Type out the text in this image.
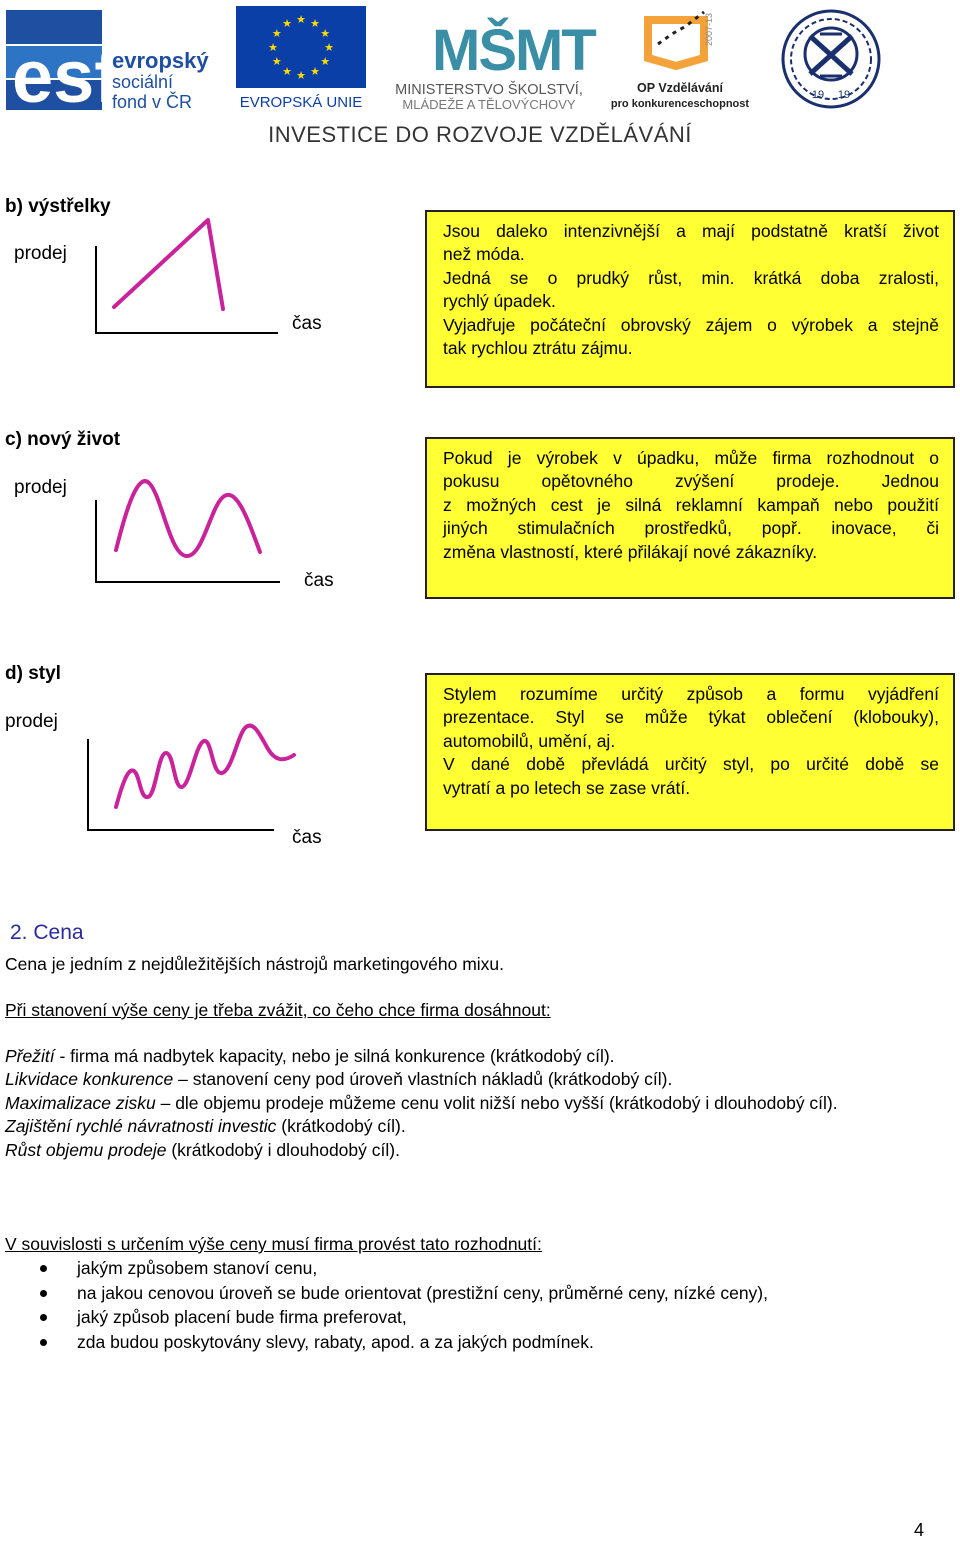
esf
evropský
sociální
fond v ČR
★ ★
★
★
★
★
★
★
★
★
★
★
EVROPSKÁ UNIE
MŠMT
MINISTERSTVO ŠKOLSTVÍ,
MLÁDEŽE A TĚLOVÝCHOVY
2007-13
OP Vzdělávání
pro konkurenceschopnost
19 19
INVESTICE DO ROZVOJE VZDĚLÁVÁNÍ
b) výstřelky
prodej
čas
Jsou daleko intenzivnější a mají podstatně kratší život
než móda.
Jedná se o prudký růst, min. krátká doba zralosti,
rychlý úpadek.
Vyjadřuje počáteční obrovský zájem o výrobek a stejně
tak rychlou ztrátu zájmu.
c) nový život
prodej
čas
Pokud je výrobek v úpadku, může firma rozhodnout o
pokusu opětovného zvýšení prodeje. Jednou
z možných cest je silná reklamní kampaň nebo použití
jiných stimulačních prostředků, popř. inovace, či
změna vlastností, které přilákají nové zákazníky.
d) styl
prodej
čas
Stylem rozumíme určitý způsob a formu vyjádření
prezentace. Styl se může týkat oblečení (klobouky),
automobilů, umění, aj.
V dané době převládá určitý styl, po určité době se
vytratí a po letech se zase vrátí.
2. Cena
Cena je jedním z nejdůležitějších nástrojů marketingového mixu.
Při stanovení výše ceny je třeba zvážit, co čeho chce firma dosáhnout:
Přežití - firma má nadbytek kapacity, nebo je silná konkurence (krátkodobý cíl).
Likvidace konkurence – stanovení ceny pod úroveň vlastních nákladů (krátkodobý cíl).
Maximalizace zisku – dle objemu prodeje můžeme cenu volit nižší nebo vyšší (krátkodobý i dlouhodobý cíl).
Zajištění rychlé návratnosti investic (krátkodobý cíl).
Růst objemu prodeje (krátkodobý i dlouhodobý cíl).
V souvislosti s určením výše ceny musí firma provést tato rozhodnutí:
jakým způsobem stanoví cenu,
na jakou cenovou úroveň se bude orientovat (prestižní ceny, průměrné ceny, nízké ceny),
jaký způsob placení bude firma preferovat,
zda budou poskytovány slevy, rabaty, apod. a za jakých podmínek.
4
